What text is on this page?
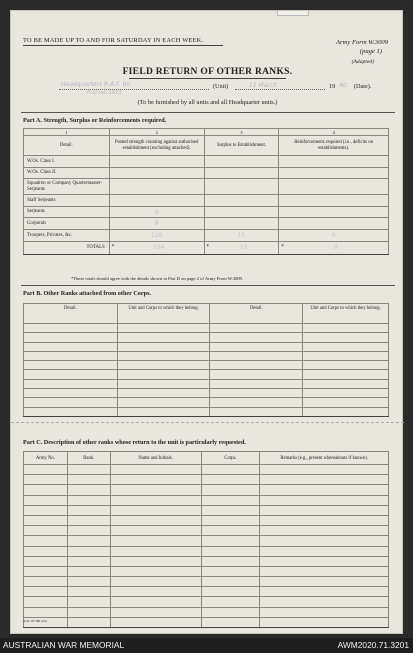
TO BE MADE UP TO AND FOR SATURDAY IN EACH WEEK.	Army Form W.3009
(page 1)
(Adapted)
FIELD RETURN OF OTHER RANKS.
Headquarters R.A.F. Bn
H.Q.ran.1913
(Unit)	11 March	19 40 (Date).
(To be furnished by all units and all Headquarter units.)
Part A. Strength, Surplus or Reinforcements required.
1	2	3	4
Detail.	Posted strength counting against authorised establishment (excluding attached).	Surplus to Establishment.	Reinforcements required (i.e., deficits on establishments).
W.Os. Class I.			
W.Os. Class II.			
Squadron or Company Quartermaster-Serjeants			
Staff Serjeants			
Serjeants	8		
Corporals	8		
Troopers, Privates, &c.	128	15	9
TOTALS	* 134	* 15	* 9
*These totals should agree with the details shown in Part D on page 2 of Army Form W.3009.
Part B. Other Ranks attached from other Corps.
Detail.	Unit and Corps to which they belong.	Detail.	Unit and Corps to which they belong.

Part C. Description of other ranks whose return to the unit is particularly requested.
Army No.	Rank.	Name and Initials.	Corps.	Remarks (e.g., present whereabouts if known).

A.W. 29 580 2/41
AUSTRALIAN WAR MEMORIAL	AWM2020.71.3201
